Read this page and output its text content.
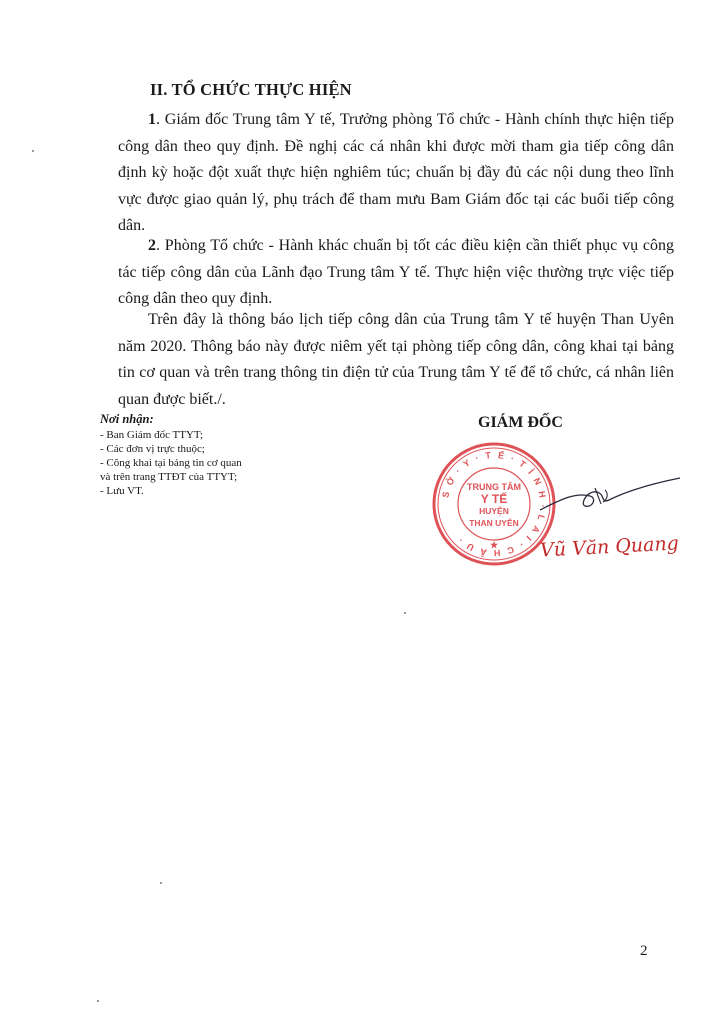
II. TỔ CHỨC THỰC HIỆN
1. Giám đốc Trung tâm Y tế, Trưởng phòng Tổ chức - Hành chính thực hiện tiếp công dân theo quy định. Đề nghị các cá nhân khi được mời tham gia tiếp công dân định kỳ hoặc đột xuất thực hiện nghiêm túc; chuẩn bị đầy đủ các nội dung theo lĩnh vực được giao quản lý, phụ trách để tham mưu Bam Giám đốc tại các buổi tiếp công dân.
2. Phòng Tổ chức - Hành khác chuẩn bị tốt các điều kiện cần thiết phục vụ công tác tiếp công dân của Lãnh đạo Trung tâm Y tế. Thực hiện việc thường trực việc tiếp công dân theo quy định.
Trên đây là thông báo lịch tiếp công dân của Trung tâm Y tế huyện Than Uyên năm 2020. Thông báo này được niêm yết tại phòng tiếp công dân, công khai tại bảng tin cơ quan và trên trang thông tin điện tử của Trung tâm Y tế để tổ chức, cá nhân liên quan được biết./.
Nơi nhận:
- Ban Giám đốc TTYT;
- Các đơn vị trực thuộc;
- Công khai tại bảng tin cơ quan
và trên trang TTĐT của TTYT;
- Lưu VT.
GIÁM ĐỐC
S Ở · Y · T Ế · T Ỉ N H · L A I · C H Â U ·
TRUNG TÂM
Y TẾ
HUYỆN
THAN UYÊN
★ Vũ Văn Quang
2
